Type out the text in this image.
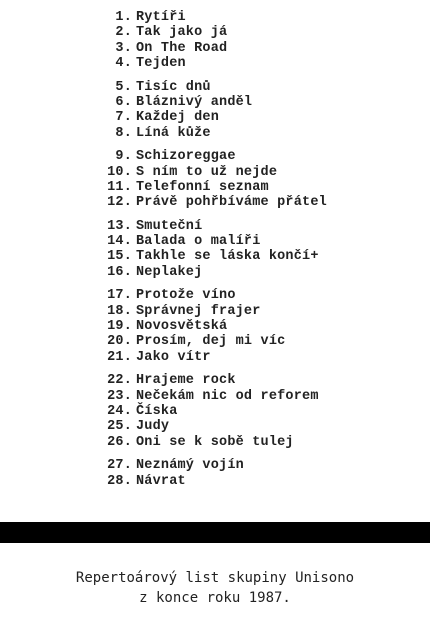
1. Rytíři
2. Tak jako já
3. On The Road
4. Tejden
5. Tisíc dnů
6. Bláznivý anděl
7. Každej den
8. Líná kůže
9. Schizoreggae
10. S ním to už nejde
11. Telefonní seznam
12. Právě pohřbíváme přátel
13. Smuteční
14. Balada o malíři
15. Takhle se láska končí+
16. Neplakej
17. Protože víno
18. Správnej frajer
19. Novosvětská
20. Prosím, dej mi víc
21. Jako vítr
22. Hrajeme rock
23. Nečekám nic od reforem
24. Číska
25. Judy
26. Oni se k sobě tulej
27. Neznámý vojín
28. Návrat
Repertoárový list skupiny Unisono
z konce roku 1987.
